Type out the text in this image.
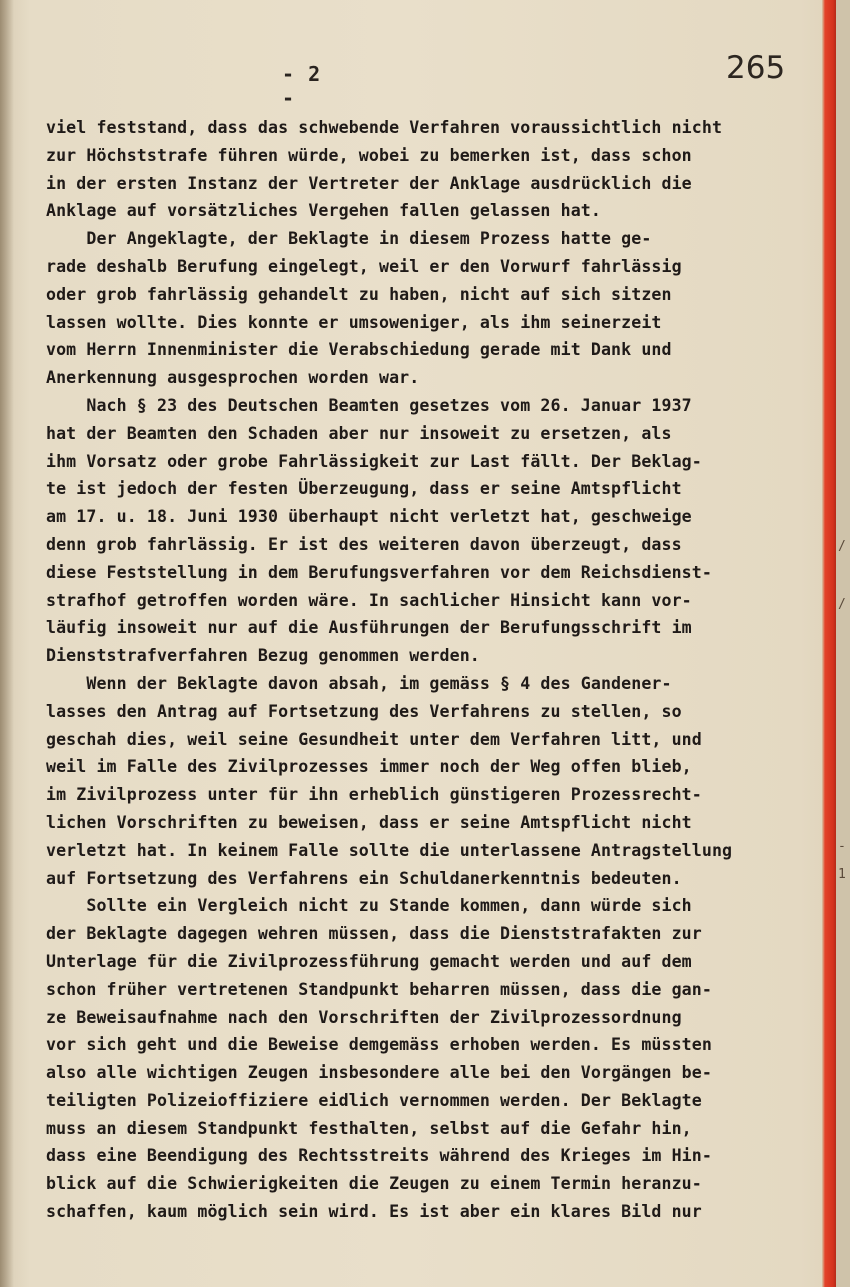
/
/
-
1
- 2 -
265
viel feststand, dass das schwebende Verfahren voraussichtlich nicht
zur Höchststrafe führen würde, wobei zu bemerken ist, dass schon
in der ersten Instanz der Vertreter der Anklage ausdrücklich die
Anklage auf vorsätzliches Vergehen fallen gelassen hat.
Der Angeklagte, der Beklagte in diesem Prozess hatte ge-
rade deshalb Berufung eingelegt, weil er den Vorwurf fahrlässig
oder grob fahrlässig gehandelt zu haben, nicht auf sich sitzen
lassen wollte. Dies konnte er umsoweniger, als ihm seinerzeit
vom Herrn Innenminister die Verabschiedung gerade mit Dank und
Anerkennung ausgesprochen worden war.
Nach § 23 des Deutschen Beamten gesetzes vom 26. Januar 1937
hat der Beamten den Schaden aber nur insoweit zu ersetzen, als
ihm Vorsatz oder grobe Fahrlässigkeit zur Last fällt. Der Beklag-
te ist jedoch der festen Überzeugung, dass er seine Amtspflicht
am 17. u. 18. Juni 1930 überhaupt nicht verletzt hat, geschweige
denn grob fahrlässig. Er ist des weiteren davon überzeugt, dass
diese Feststellung in dem Berufungsverfahren vor dem Reichsdienst-
strafhof getroffen worden wäre. In sachlicher Hinsicht kann vor-
läufig insoweit nur auf die Ausführungen der Berufungsschrift im
Dienststrafverfahren Bezug genommen werden.
Wenn der Beklagte davon absah, im gemäss § 4 des Gandener-
lasses den Antrag auf Fortsetzung des Verfahrens zu stellen, so
geschah dies, weil seine Gesundheit unter dem Verfahren litt, und
weil im Falle des Zivilprozesses immer noch der Weg offen blieb,
im Zivilprozess unter für ihn erheblich günstigeren Prozessrecht-
lichen Vorschriften zu beweisen, dass er seine Amtspflicht nicht
verletzt hat. In keinem Falle sollte die unterlassene Antragstellung
auf Fortsetzung des Verfahrens ein Schuldanerkenntnis bedeuten.
Sollte ein Vergleich nicht zu Stande kommen, dann würde sich
der Beklagte dagegen wehren müssen, dass die Dienststrafakten zur
Unterlage für die Zivilprozessführung gemacht werden und auf dem
schon früher vertretenen Standpunkt beharren müssen, dass die gan-
ze Beweisaufnahme nach den Vorschriften der Zivilprozessordnung
vor sich geht und die Beweise demgemäss erhoben werden. Es müssten
also alle wichtigen Zeugen insbesondere alle bei den Vorgängen be-
teiligten Polizeioffiziere eidlich vernommen werden. Der Beklagte
muss an diesem Standpunkt festhalten, selbst auf die Gefahr hin,
dass eine Beendigung des Rechtsstreits während des Krieges im Hin-
blick auf die Schwierigkeiten die Zeugen zu einem Termin heranzu-
schaffen, kaum möglich sein wird. Es ist aber ein klares Bild nur
